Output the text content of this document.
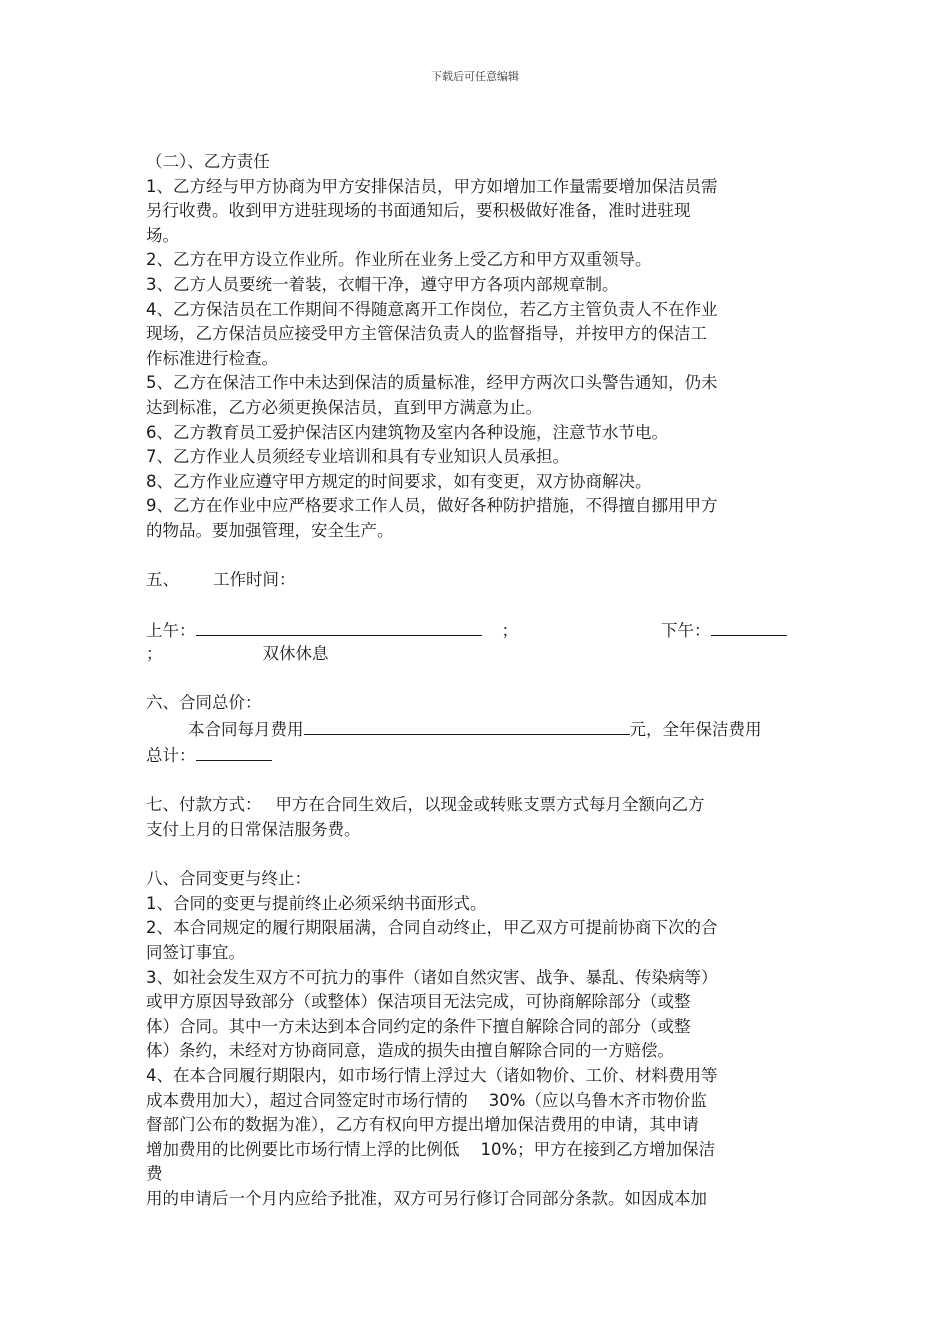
下载后可任意编辑

（二）、乙方责任

1、乙方经与甲方协商为甲方安排保洁员，甲方如增加工作量需要增加保洁员需

另行收费。收到甲方进驻现场的书面通知后，要积极做好准备，准时进驻现

场。

2、乙方在甲方设立作业所。作业所在业务上受乙方和甲方双重领导。

3、乙方人员要统一着装，衣帽干净，遵守甲方各项内部规章制。

4、乙方保洁员在工作期间不得随意离开工作岗位，若乙方主管负责人不在作业

现场，乙方保洁员应接受甲方主管保洁负责人的监督指导，并按甲方的保洁工

作标准进行检查。

5、乙方在保洁工作中未达到保洁的质量标准，经甲方两次口头警告通知，仍未

达到标准，乙方必须更换保洁员，直到甲方满意为止。

6、乙方教育员工爱护保洁区内建筑物及室内各种设施，注意节水节电。

7、乙方作业人员须经专业培训和具有专业知识人员承担。

8、乙方作业应遵守甲方规定的时间要求，如有变更，双方协商解决。

9、乙方在作业中应严格要求工作人员，做好各种防护措施，不得擅自挪用甲方

的物品。要加强管理，安全生产。

五、 工作时间：

上午：	；	下午：

；	双休休息

六、合同总价：

本合同每月费用	元，全年保洁费用

总计：

七、付款方式： 甲方在合同生效后，以现金或转账支票方式每月全额向乙方

支付上月的日常保洁服务费。

八、合同变更与终止：

1、合同的变更与提前终止必须采纳书面形式。

2、本合同规定的履行期限届满，合同自动终止，甲乙双方可提前协商下次的合

同签订事宜。

3、如社会发生双方不可抗力的事件（诸如自然灾害、战争、暴乱、传染病等）

或甲方原因导致部分（或整体）保洁项目无法完成，可协商解除部分（或整

体）合同。其中一方未达到本合同约定的条件下擅自解除合同的部分（或整

体）条约，未经对方协商同意，造成的损失由擅自解除合同的一方赔偿。

4、在本合同履行期限内，如市场行情上浮过大（诸如物价、工价、材料费用等

成本费用加大），超过合同签定时市场行情的    30%（应以乌鲁木齐市物价监

督部门公布的数据为准），乙方有权向甲方提出增加保洁费用的申请，其申请

增加费用的比例要比市场行情上浮的比例低    10%；甲方在接到乙方增加保洁

费

用的申请后一个月内应给予批准，双方可另行修订合同部分条款。如因成本加
